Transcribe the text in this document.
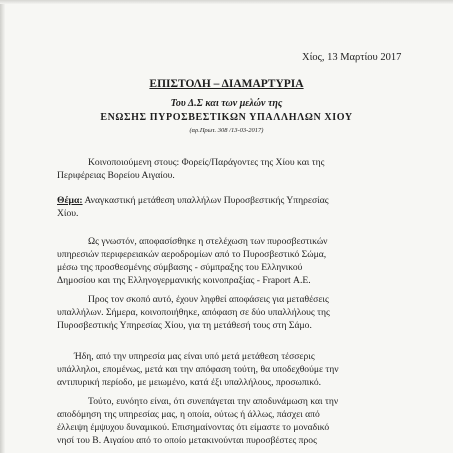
Χίος, 13 Μαρτίου 2017
ΕΠΙΣΤΟΛΗ – ΔΙΑΜΑΡΤΥΡΙΑ
Του Δ.Σ και των μελών της
ΕΝΩΣΗΣ ΠΥΡΟΣΒΕΣΤΙΚΩΝ ΥΠΑΛΛΗΛΩΝ ΧΙΟΥ
(αρ.Πρωτ. 308 /13-03-2017)
Κοινοποιούμενη στους: Φορείς/Παράγοντες της Χίου και της
Περιφέρειας Βορείου Αιγαίου.
Θέμα: Αναγκαστική μετάθεση υπαλλήλων Πυροσβεστικής Υπηρεσίας
Χίου.
Ως γνωστόν, αποφασίσθηκε η στελέχωση των πυροσβεστικών
υπηρεσιών περιφερειακών αεροδρομίων από το Πυροσβεστικό Σώμα,
μέσω της προσθεσμένης σύμβασης - σύμπραξης του Ελληνικού
Δημοσίου και της Ελληνογερμανικής κοινοπραξίας - Fraport Α.Ε.
Προς τον σκοπό αυτό, έχουν ληφθεί αποφάσεις για μεταθέσεις
υπαλλήλων. Σήμερα, κοινοποιήθηκε, απόφαση σε δύο υπαλλήλους της
Πυροσβεστικής Υπηρεσίας Χίου, για τη μετάθεσή τους στη Σάμο.
Ήδη, από την υπηρεσία μας είναι υπό μετά μετάθεση τέσσερις
υπάλληλοι, επομένως, μετά και την απόφαση τούτη, θα υποδεχθούμε την
αντιπυρική περίοδο, με μειωμένο, κατά έξι υπαλλήλους, προσωπικό.
Τούτο, ευνόητο είναι, ότι συνεπάγεται την αποδυνάμωση και την
αποδόμηση της υπηρεσίας μας, η οποία, ούτως ή άλλως, πάσχει από
έλλειψη έμψυχου δυναμικού. Επισημαίνοντας ότι είμαστε το μοναδικό
νησί του Β. Αιγαίου από το οποίο μετακινούνται πυροσβέστες προς
